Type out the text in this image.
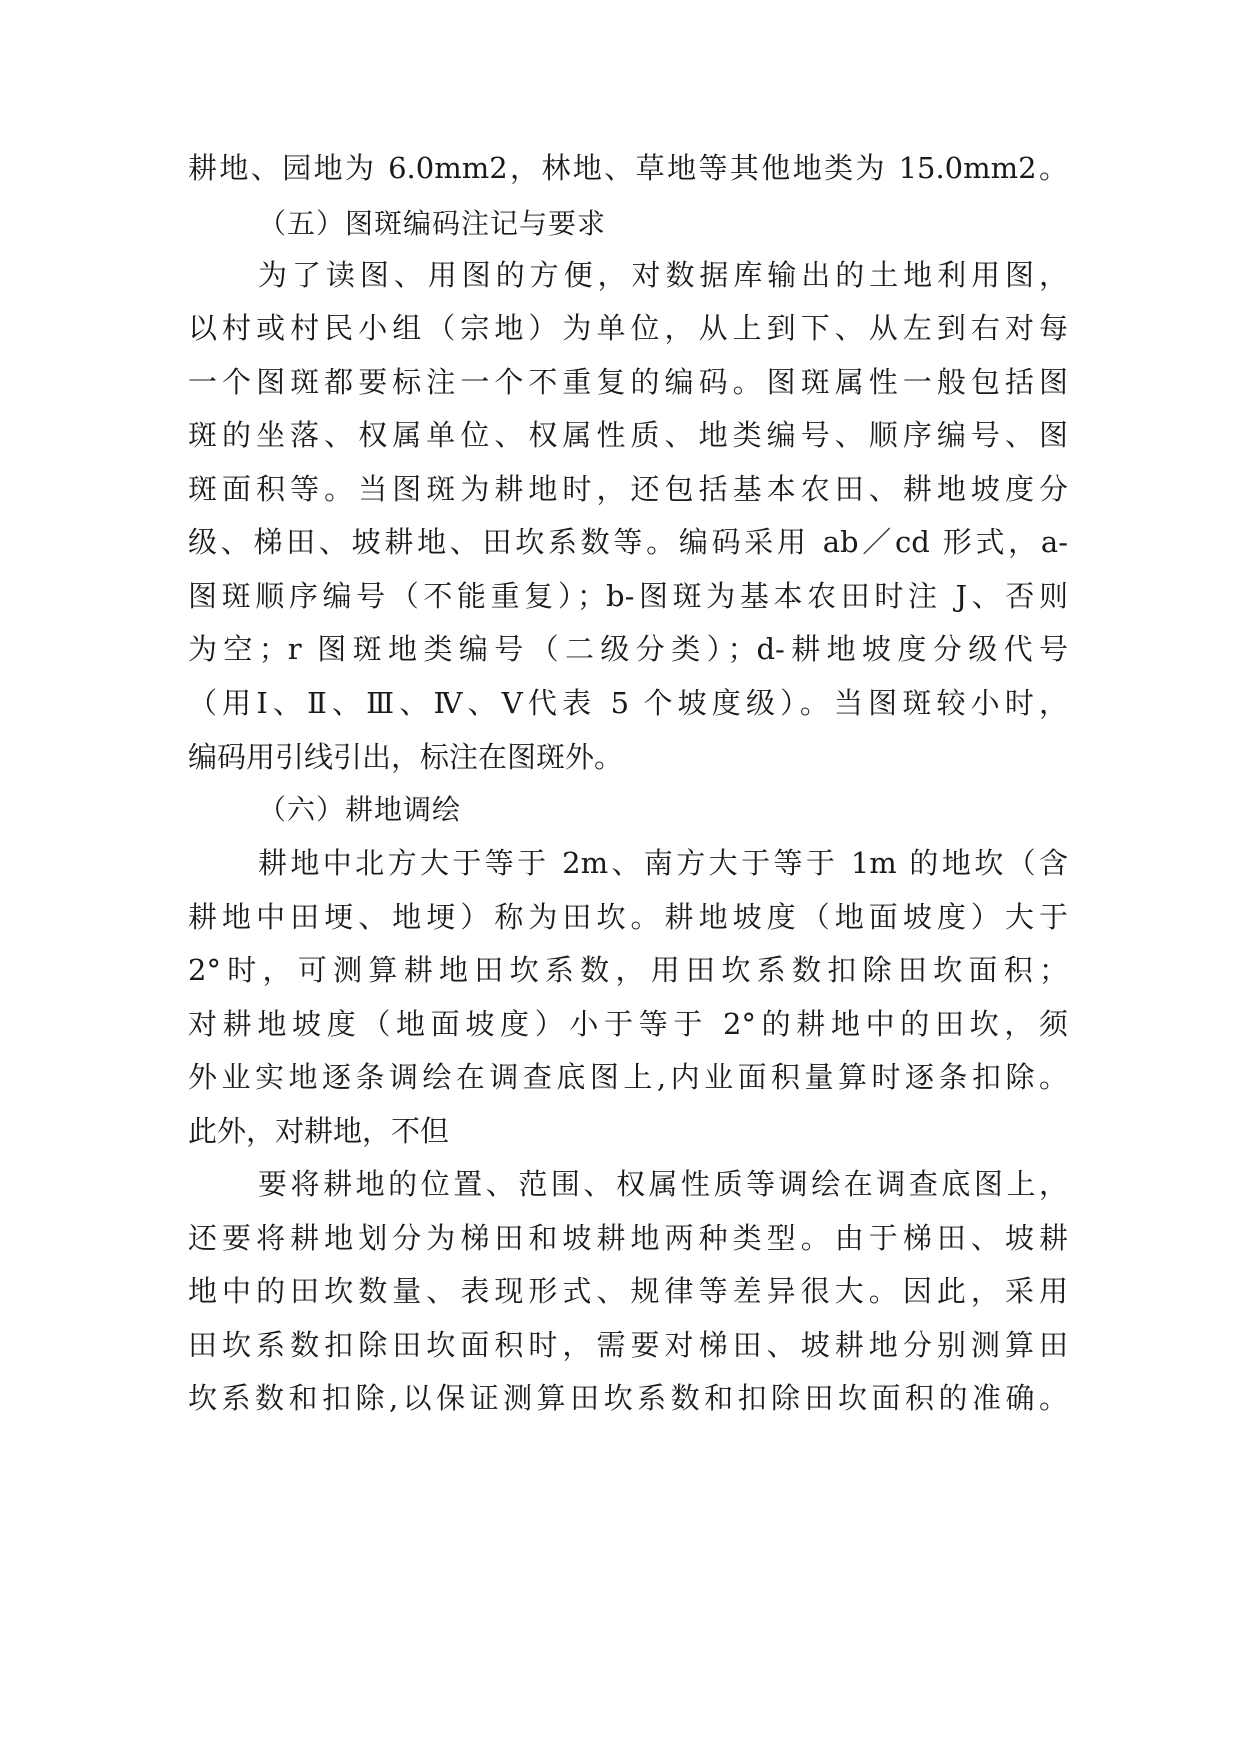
耕地、园地为 6.0mm2，林地、草地等其他地类为 15.0mm2。
（五）图斑编码注记与要求
为了读图、用图的方便，对数据库输出的土地利用图，
以村或村民小组（宗地）为单位，从上到下、从左到右对每
一个图斑都要标注一个不重复的编码。图斑属性一般包括图
斑的坐落、权属单位、权属性质、地类编号、顺序编号、图
斑面积等。当图斑为耕地时，还包括基本农田、耕地坡度分
级、梯田、坡耕地、田坎系数等。编码采用 ab／cd 形式，a-
图斑顺序编号（不能重复）；b-图斑为基本农田时注 J、否则
为空；r 图斑地类编号（二级分类）；d-耕地坡度分级代号
（用Ⅰ、Ⅱ、Ⅲ、Ⅳ、Ⅴ代表 5 个坡度级）。当图斑较小时，
编码用引线引出，标注在图斑外。
（六）耕地调绘
耕地中北方大于等于 2m、南方大于等于 1m 的地坎（含
耕地中田埂、地埂）称为田坎。耕地坡度（地面坡度）大于
2°时，可测算耕地田坎系数，用田坎系数扣除田坎面积；
对耕地坡度（地面坡度）小于等于 2°的耕地中的田坎，须
外业实地逐条调绘在调查底图上,内业面积量算时逐条扣除。
此外，对耕地，不但
要将耕地的位置、范围、权属性质等调绘在调查底图上，
还要将耕地划分为梯田和坡耕地两种类型。由于梯田、坡耕
地中的田坎数量、表现形式、规律等差异很大。因此，采用
田坎系数扣除田坎面积时，需要对梯田、坡耕地分别测算田
坎系数和扣除,以保证测算田坎系数和扣除田坎面积的准确。
